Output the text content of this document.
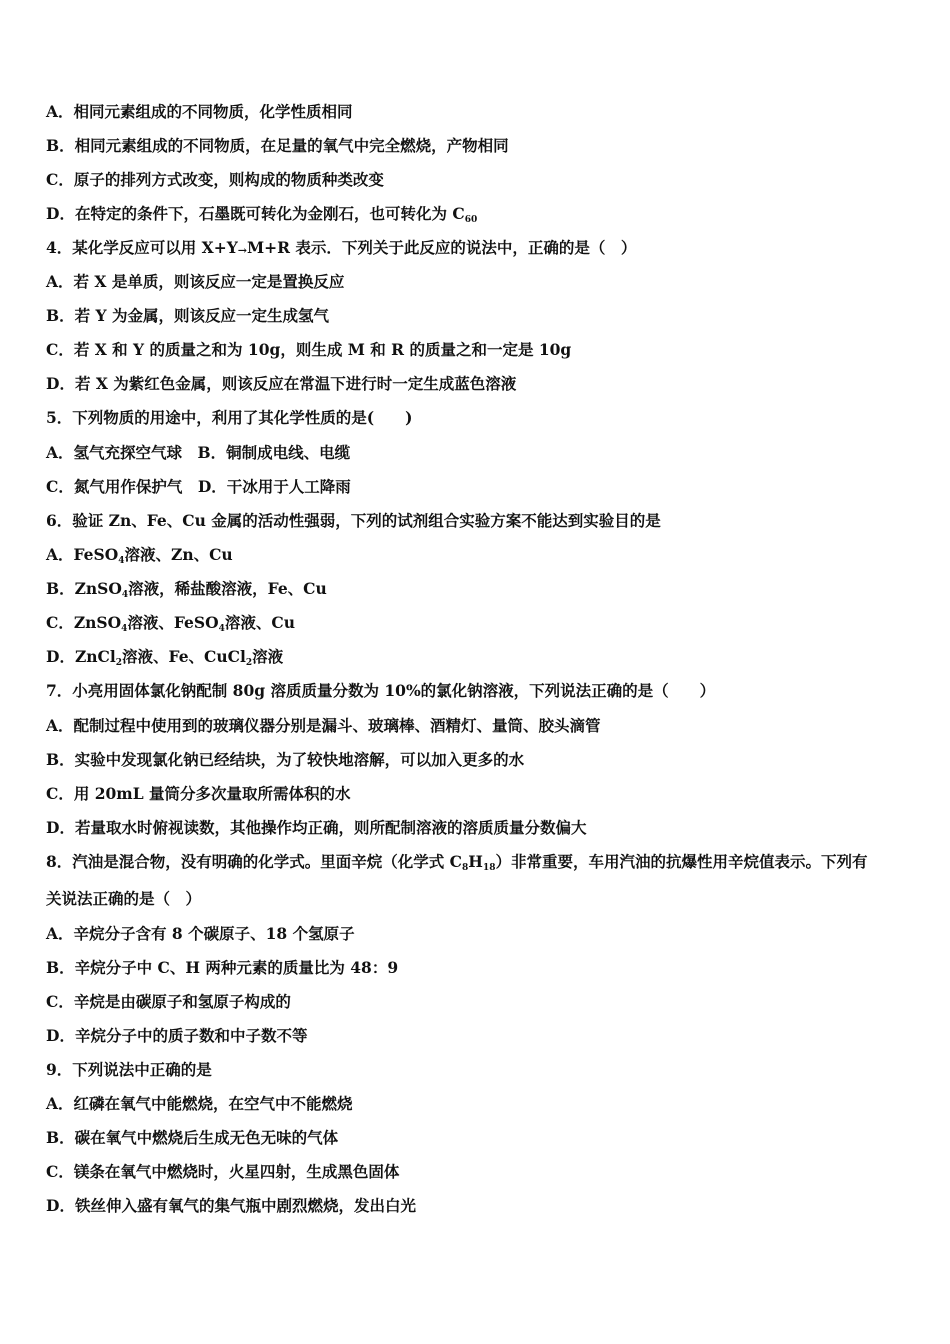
A．相同元素组成的不同物质，化学性质相同
B．相同元素组成的不同物质，在足量的氧气中完全燃烧，产物相同
C．原子的排列方式改变，则构成的物质种类改变
D．在特定的条件下，石墨既可转化为金刚石，也可转化为 $C_{60}$
4．某化学反应可以用 X+Y→M+R 表示．下列关于此反应的说法中，正确的是（　）
A．若 X 是单质，则该反应一定是置换反应
B．若 Y 为金属，则该反应一定生成氢气
C．若 X 和 Y 的质量之和为 10g，则生成 M 和 R 的质量之和一定是 10g
D．若 X 为紫红色金属，则该反应在常温下进行时一定生成蓝色溶液
5．下列物质的用途中，利用了其化学性质的是(　　)
A．氢气充探空气球　B．铜制成电线、电缆
C．氮气用作保护气　D．干冰用于人工降雨
6．验证 Zn、Fe、Cu 金属的活动性强弱，下列的试剂组合实验方案不能达到实验目的是
A．FeSO$_4$溶液、Zn、Cu
B．ZnSO$_4$溶液，稀盐酸溶液，Fe、Cu
C．ZnSO$_4$溶液、FeSO$_4$溶液、Cu
D．ZnCl$_2$溶液、Fe、CuCl$_2$溶液
7．小亮用固体氯化钠配制 80g 溶质质量分数为 10%的氯化钠溶液，下列说法正确的是（　　）
A．配制过程中使用到的玻璃仪器分别是漏斗、玻璃棒、酒精灯、量筒、胶头滴管
B．实验中发现氯化钠已经结块，为了较快地溶解，可以加入更多的水
C．用 20mL 量筒分多次量取所需体积的水
D．若量取水时俯视读数，其他操作均正确，则所配制溶液的溶质质量分数偏大
8．汽油是混合物，没有明确的化学式。里面辛烷（化学式 $C_8H_{18}$）非常重要，车用汽油的抗爆性用辛烷值表示。下列有
关说法正确的是（　）
A．辛烷分子含有 8 个碳原子、18 个氢原子
B．辛烷分子中 C、H 两种元素的质量比为 48：9
C．辛烷是由碳原子和氢原子构成的
D．辛烷分子中的质子数和中子数不等
9．下列说法中正确的是
A．红磷在氧气中能燃烧，在空气中不能燃烧
B．碳在氧气中燃烧后生成无色无味的气体
C．镁条在氧气中燃烧时，火星四射，生成黑色固体
D．铁丝伸入盛有氧气的集气瓶中剧烈燃烧，发出白光
